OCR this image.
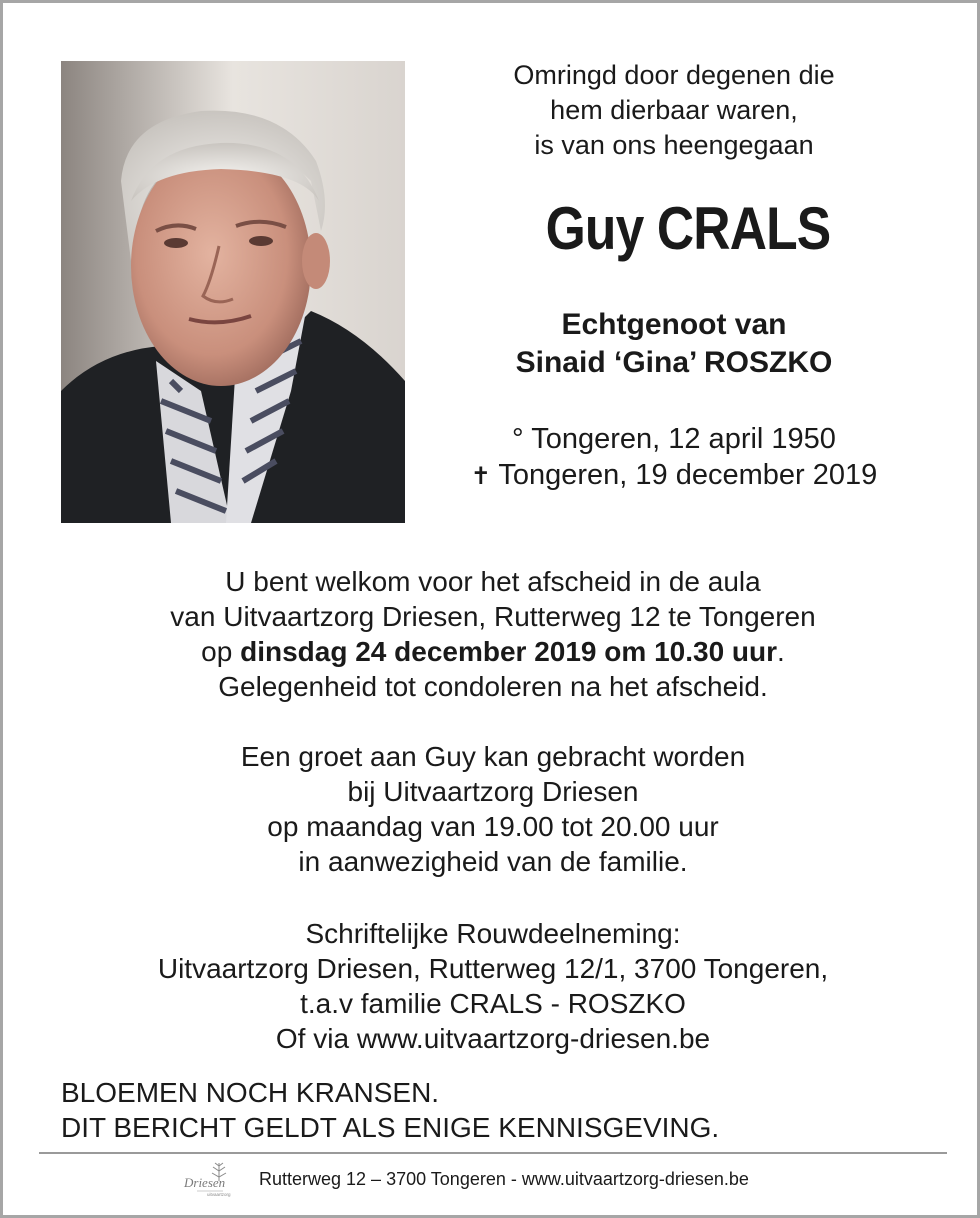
Omringd door degenen die
hem dierbaar waren,
is van ons heengegaan
Guy CRALS
Echtgenoot van
Sinaid ‘Gina’ ROSZKO
° Tongeren, 12 april 1950
✝ Tongeren, 19 december 2019
U bent welkom voor het afscheid in de aula
van Uitvaartzorg Driesen, Rutterweg 12 te Tongeren
op dinsdag 24 december 2019 om 10.30 uur.
Gelegenheid tot condoleren na het afscheid.
Een groet aan Guy kan gebracht worden
bij Uitvaartzorg Driesen
op maandag van 19.00 tot 20.00 uur
in aanwezigheid van de familie.
Schriftelijke Rouwdeelneming:
Uitvaartzorg Driesen, Rutterweg 12/1, 3700 Tongeren,
t.a.v familie CRALS - ROSZKO
Of via www.uitvaartzorg-driesen.be
BLOEMEN NOCH KRANSEN.
DIT BERICHT GELDT ALS ENIGE KENNISGEVING.
Driesen
uitvaartzorg
Rutterweg 12 – 3700 Tongeren - www.uitvaartzorg-driesen.be
